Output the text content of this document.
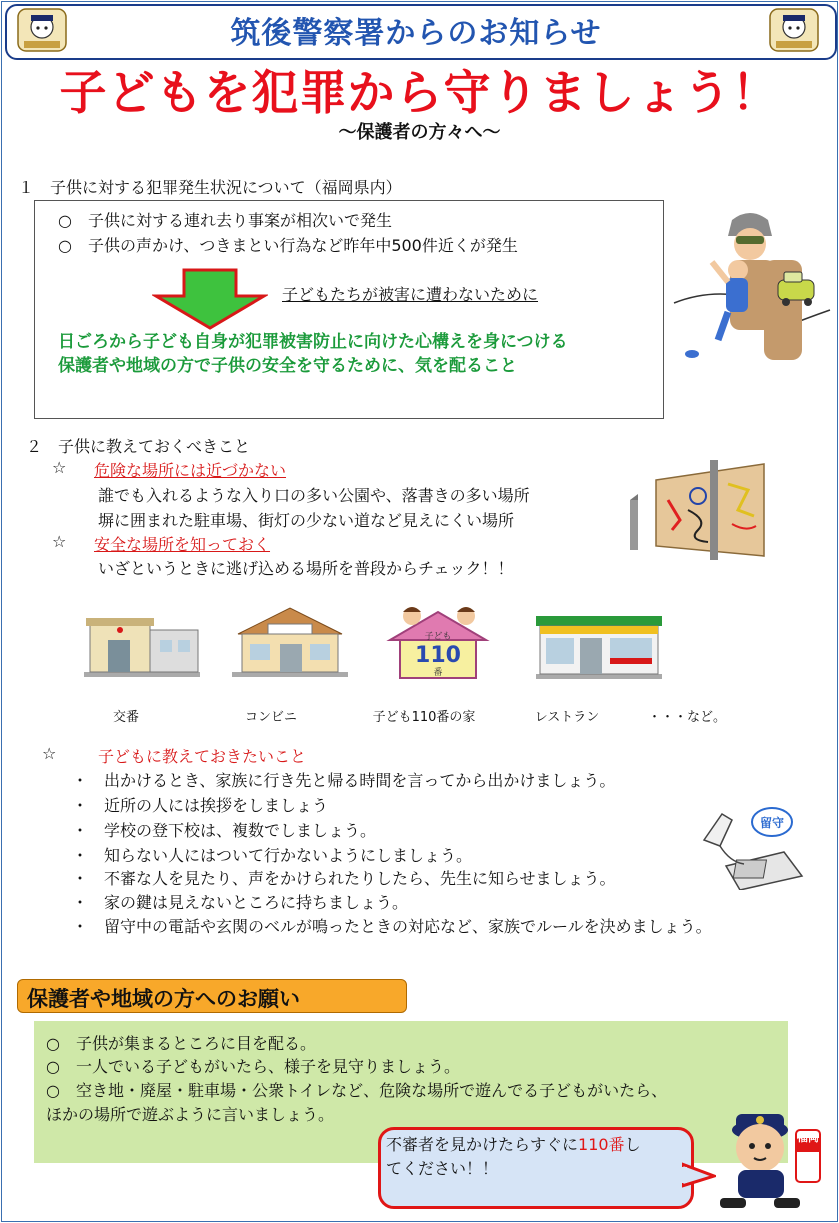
筑後警察署からのお知らせ
子どもを犯罪から守りましょう！
～保護者の方々へ～
１　子供に対する犯罪発生状況について（福岡県内）
○　子供に対する連れ去り事案が相次いで発生
○　子供の声かけ、つきまとい行為など昨年中500件近くが発生
子どもたちが被害に遭わないために
日ごろから子ども自身が犯罪被害防止に向けた心構えを身につける
保護者や地域の方で子供の安全を守るために、気を配ること
２　子供に教えておくべきこと
☆ 危険な場所には近づかない
誰でも入れるような入り口の多い公園や、落書きの多い場所
塀に囲まれた駐車場、街灯の少ない道など見えにくい場所
☆ 安全な場所を知っておく
いざというときに逃げ込める場所を普段からチェック！！
子ども
110
番
交番	コンビニ	子ども110番の家	レストラン	・・・など。
☆	子どもに教えておきたいこと
・　出かけるとき、家族に行き先と帰る時間を言ってから出かけましょう。
・　近所の人には挨拶をしましょう
・　学校の登下校は、複数でしましょう。
・　知らない人にはついて行かないようにしましょう。
・　不審な人を見たり、声をかけられたりしたら、先生に知らせましょう。
・　家の鍵は見えないところに持ちましょう。
・　留守中の電話や玄関のベルが鳴ったときの対応など、家族でルールを決めましょう。
留守
保護者や地域の方へのお願い
○　子供が集まるところに目を配る。
○　一人でいる子どもがいたら、様子を見守りましょう。
○　空き地・廃屋・駐車場・公衆トイレなど、危険な場所で遊んでる子どもがいたら、
ほかの場所で遊ぶように言いましょう。
不審者を見かけたらすぐに110番し
てください！！
福岡
